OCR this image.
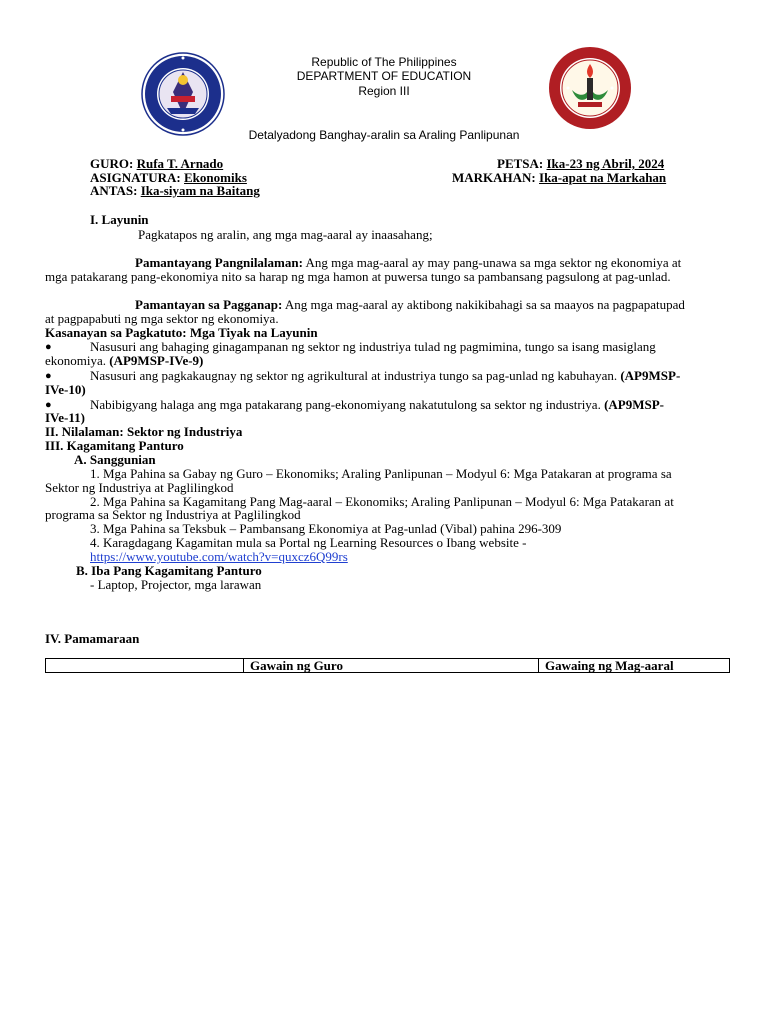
Republic of The Philippines
DEPARTMENT OF EDUCATION
Region III
Detalyadong Banghay-aralin sa Araling Panlipunan
GURO: Rufa T. Arnado	PETSA: Ika-23 ng Abril, 2024
ASIGNATURA: Ekonomiks	MARKAHAN: Ika-apat na Markahan
ANTAS: Ika-siyam na Baitang
I. Layunin
Pagkatapos ng aralin, ang mga mag-aaral ay inaasahang;
Pamantayang Pangnilalaman: Ang mga mag-aaral ay may pang-unawa sa mga sektor ng ekonomiya at
mga patakarang pang-ekonomiya nito sa harap ng mga hamon at puwersa tungo sa pambansang pagsulong at pag-unlad.
Pamantayan sa Pagganap: Ang mga mag-aaral ay aktibong nakikibahagi sa sa maayos na pagpapatupad
at pagpapabuti ng mga sektor ng ekonomiya.
Kasanayan sa Pagkatuto: Mga Tiyak na Layunin
●	Nasusuri ang bahaging ginagampanan ng sektor ng industriya tulad ng pagmimina, tungo sa isang masiglang
ekonomiya. (AP9MSP-IVe-9)
●	Nasusuri ang pagkakaugnay ng sektor ng agrikultural at industriya tungo sa pag-unlad ng kabuhayan. (AP9MSP-
IVe-10)
●	Nabibigyang halaga ang mga patakarang pang-ekonomiyang nakatutulong sa sektor ng industriya. (AP9MSP-
IVe-11)
II. Nilalaman: Sektor ng Industriya
III. Kagamitang Panturo
A. Sanggunian
1. Mga Pahina sa Gabay ng Guro – Ekonomiks; Araling Panlipunan – Modyul 6: Mga Patakaran at programa sa
Sektor ng Industriya at Paglilingkod
2. Mga Pahina sa Kagamitang Pang Mag-aaral – Ekonomiks; Araling Panlipunan – Modyul 6: Mga Patakaran at
programa sa Sektor ng Industriya at Paglilingkod
3. Mga Pahina sa Teksbuk – Pambansang Ekonomiya at Pag-unlad (Vibal) pahina 296-309
4. Karagdagang Kagamitan mula sa Portal ng Learning Resources o Ibang website -
https://www.youtube.com/watch?v=quxcz6Q99rs
B. Iba Pang Kagamitang Panturo
- Laptop, Projector, mga larawan
IV. Pamamaraan
	Gawain ng Guro	Gawaing ng Mag-aaral
